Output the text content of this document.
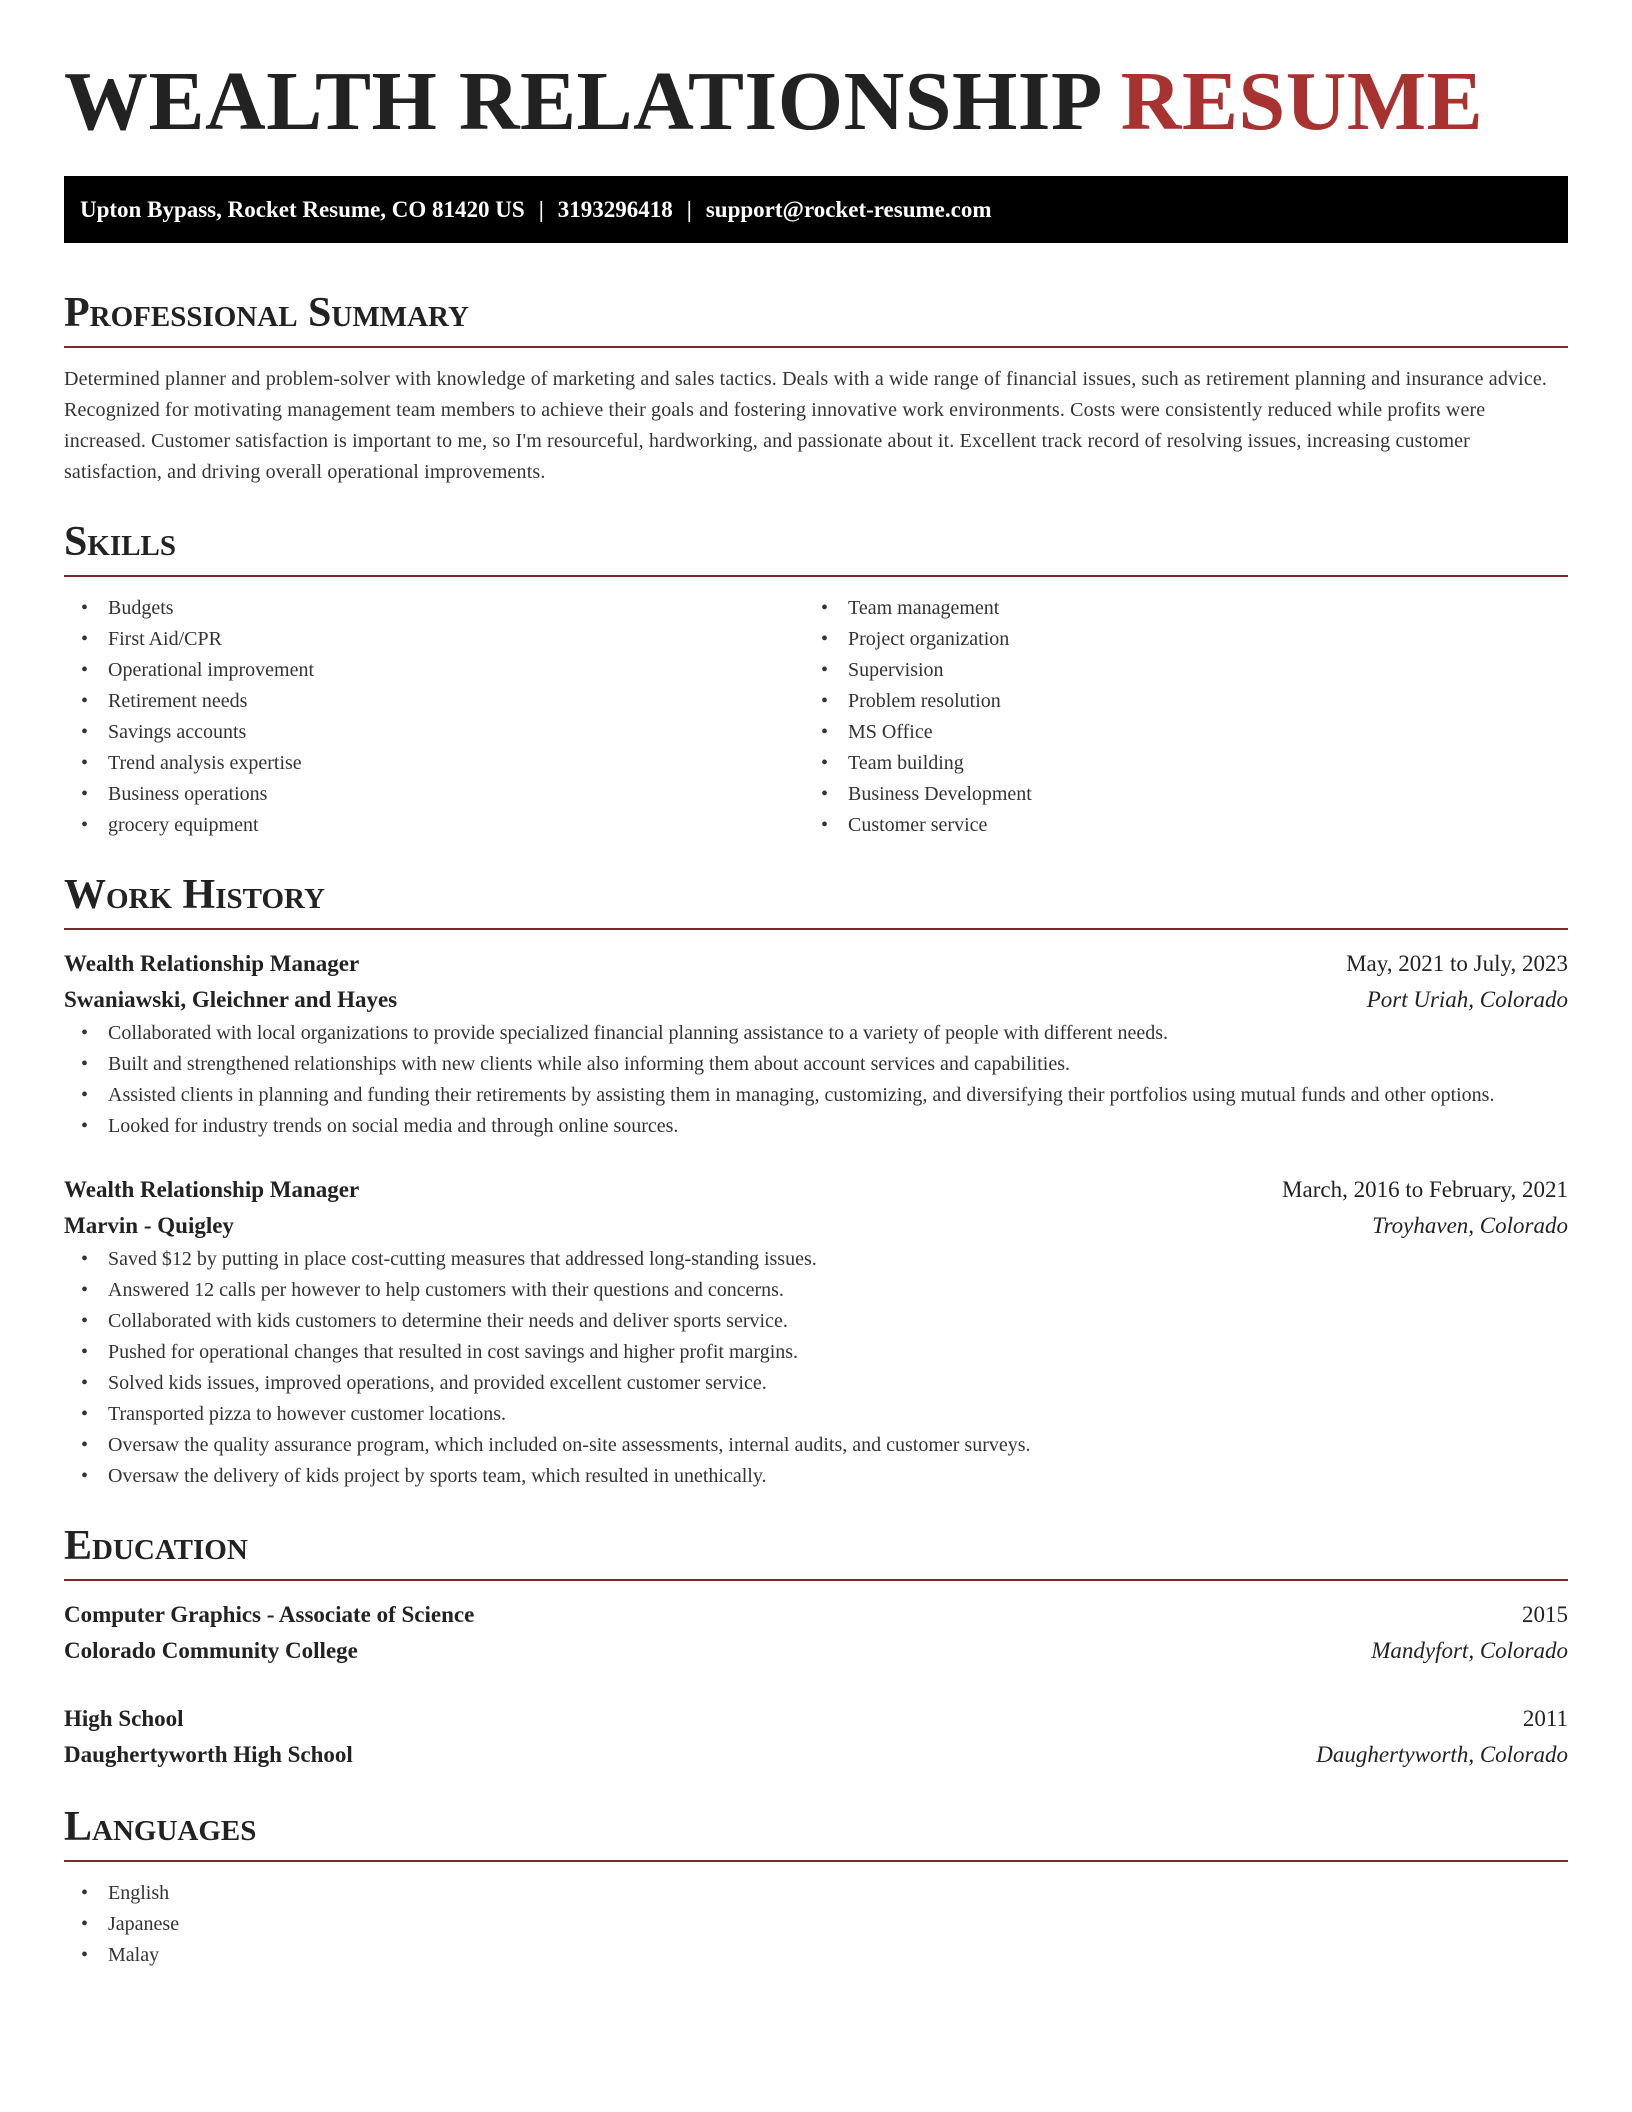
WEALTH RELATIONSHIP RESUME
Upton Bypass, Rocket Resume, CO 81420 US | 3193296418 | support@rocket-resume.com
Professional Summary
Determined planner and problem-solver with knowledge of marketing and sales tactics. Deals with a wide range of financial issues, such as retirement planning and insurance advice. Recognized for motivating management team members to achieve their goals and fostering innovative work environments. Costs were consistently reduced while profits were increased. Customer satisfaction is important to me, so I'm resourceful, hardworking, and passionate about it. Excellent track record of resolving issues, increasing customer satisfaction, and driving overall operational improvements.
Skills
• Budgets
• First Aid/CPR
• Operational improvement
• Retirement needs
• Savings accounts
• Trend analysis expertise
• Business operations
• grocery equipment
• Team management
• Project organization
• Supervision
• Problem resolution
• MS Office
• Team building
• Business Development
• Customer service
Work History
Wealth Relationship Manager	May, 2021 to July, 2023
Swaniawski, Gleichner and Hayes	Port Uriah, Colorado
• Collaborated with local organizations to provide specialized financial planning assistance to a variety of people with different needs.
• Built and strengthened relationships with new clients while also informing them about account services and capabilities.
• Assisted clients in planning and funding their retirements by assisting them in managing, customizing, and diversifying their portfolios using mutual funds and other options.
• Looked for industry trends on social media and through online sources.
Wealth Relationship Manager	March, 2016 to February, 2021
Marvin - Quigley	Troyhaven, Colorado
• Saved $12 by putting in place cost-cutting measures that addressed long-standing issues.
• Answered 12 calls per however to help customers with their questions and concerns.
• Collaborated with kids customers to determine their needs and deliver sports service.
• Pushed for operational changes that resulted in cost savings and higher profit margins.
• Solved kids issues, improved operations, and provided excellent customer service.
• Transported pizza to however customer locations.
• Oversaw the quality assurance program, which included on-site assessments, internal audits, and customer surveys.
• Oversaw the delivery of kids project by sports team, which resulted in unethically.
Education
Computer Graphics - Associate of Science	2015
Colorado Community College	Mandyfort, Colorado
High School	2011
Daughertyworth High School	Daughertyworth, Colorado
Languages
• English
• Japanese
• Malay
